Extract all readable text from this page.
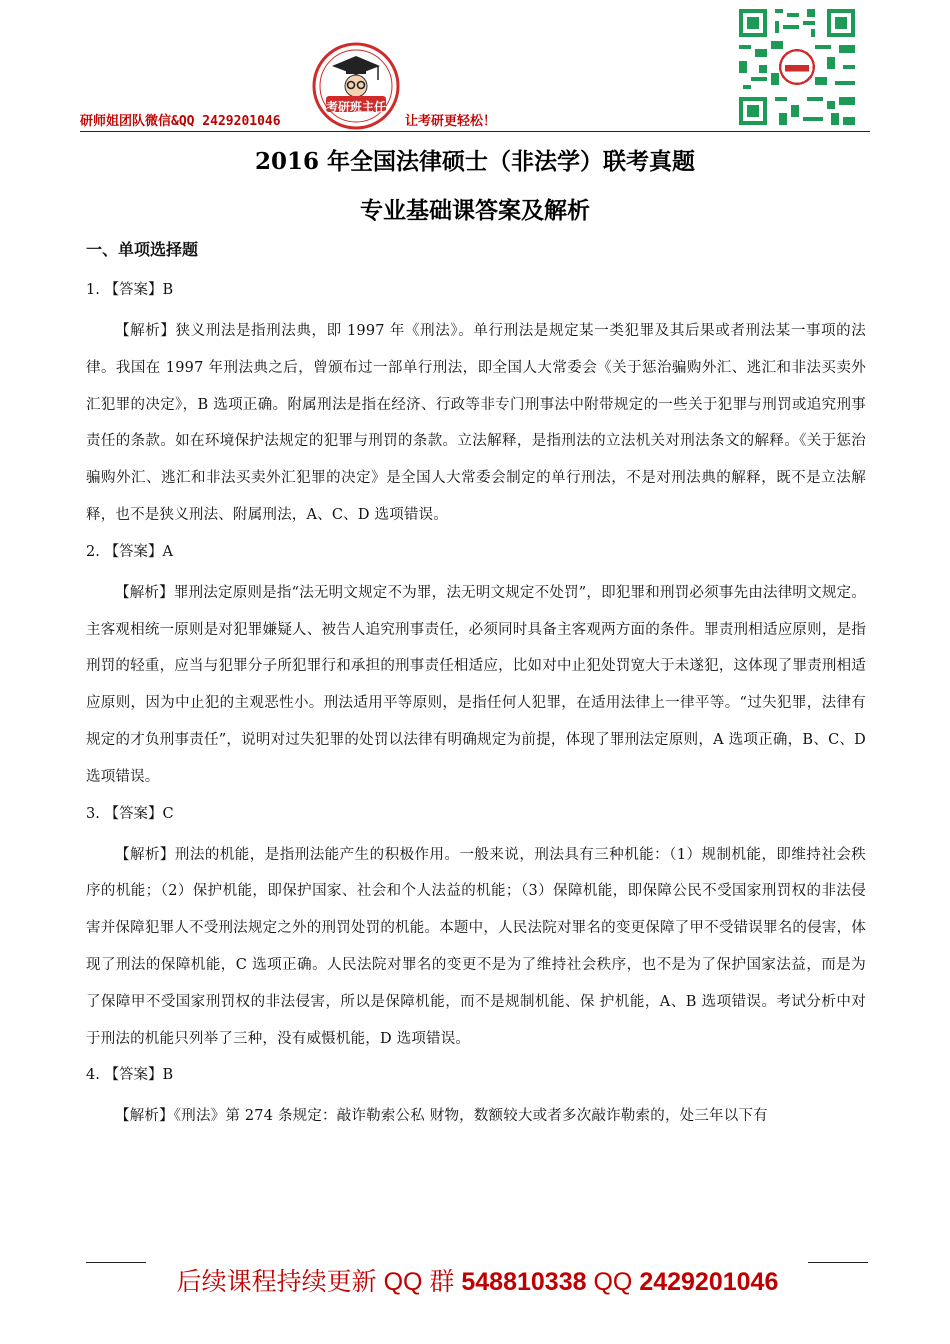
考研班主任
研师姐团队微信&QQ 2429201046	让考研更轻松！
2016 年全国法律硕士（非法学）联考真题
专业基础课答案及解析
一、单项选择题
1. 【答案】B
【解析】狭义刑法是指刑法典，即 1997 年《刑法》。单行刑法是规定某一类犯罪及其后果或者刑法某一事项的法律。我国在 1997 年刑法典之后，曾颁布过一部单行刑法，即全国人大常委会《关于惩治骗购外汇、逃汇和非法买卖外汇犯罪的决定》，B 选项正确。附属刑法是指在经济、行政等非专门刑事法中附带规定的一些关于犯罪与刑罚或追究刑事责任的条款。如在环境保护法规定的犯罪与刑罚的条款。立法解释，是指刑法的立法机关对刑法条文的解释。《关于惩治骗购外汇、逃汇和非法买卖外汇犯罪的决定》是全国人大常委会制定的单行刑法，不是对刑法典的解释，既不是立法解释，也不是狭义刑法、附属刑法，A、C、D 选项错误。
2. 【答案】A
【解析】罪刑法定原则是指“法无明文规定不为罪，法无明文规定不处罚”，即犯罪和刑罚必须事先由法律明文规定。主客观相统一原则是对犯罪嫌疑人、被告人追究刑事责任，必须同时具备主客观两方面的条件。罪责刑相适应原则，是指刑罚的轻重，应当与犯罪分子所犯罪行和承担的刑事责任相适应，比如对中止犯处罚宽大于未遂犯，这体现了罪责刑相适应原则，因为中止犯的主观恶性小。刑法适用平等原则，是指任何人犯罪，在适用法律上一律平等。“过失犯罪，法律有规定的才负刑事责任”，说明对过失犯罪的处罚以法律有明确规定为前提，体现了罪刑法定原则，A 选项正确，B、C、D 选项错误。
3. 【答案】C
【解析】刑法的机能，是指刑法能产生的积极作用。一般来说，刑法具有三种机能：（1）规制机能，即维持社会秩序的机能；（2）保护机能，即保护国家、社会和个人法益的机能；（3）保障机能，即保障公民不受国家刑罚权的非法侵害并保障犯罪人不受刑法规定之外的刑罚处罚的机能。本题中，人民法院对罪名的变更保障了甲不受错误罪名的侵害，体现了刑法的保障机能，C 选项正确。人民法院对罪名的变更不是为了维持社会秩序，也不是为了保护国家法益，而是为了保障甲不受国家刑罚权的非法侵害，所以是保障机能，而不是规制机能、保 护机能，A、B 选项错误。考试分析中对于刑法的机能只列举了三种，没有威慑机能，D 选项错误。
4. 【答案】B
【解析】《刑法》第 274 条规定：敲诈勒索公私 财物，数额较大或者多次敲诈勒索的，处三年以下有
后续课程持续更新 QQ 群 548810338 QQ 2429201046
